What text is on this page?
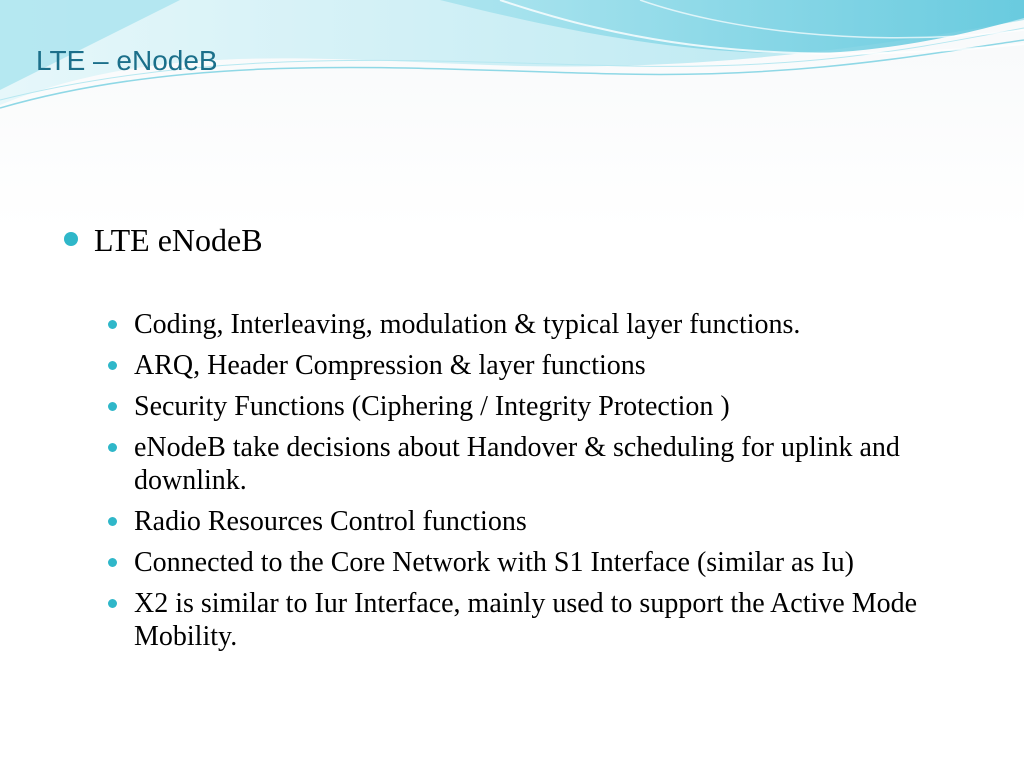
LTE – eNodeB

LTE eNodeB

Coding, Interleaving, modulation & typical layer functions.
ARQ, Header Compression & layer functions
Security Functions (Ciphering / Integrity Protection )
eNodeB take decisions about Handover & scheduling for uplink and downlink.
Radio Resources Control functions
Connected to the Core Network with S1 Interface (similar as Iu)
X2 is similar to Iur Interface, mainly used to support the Active Mode Mobility.
